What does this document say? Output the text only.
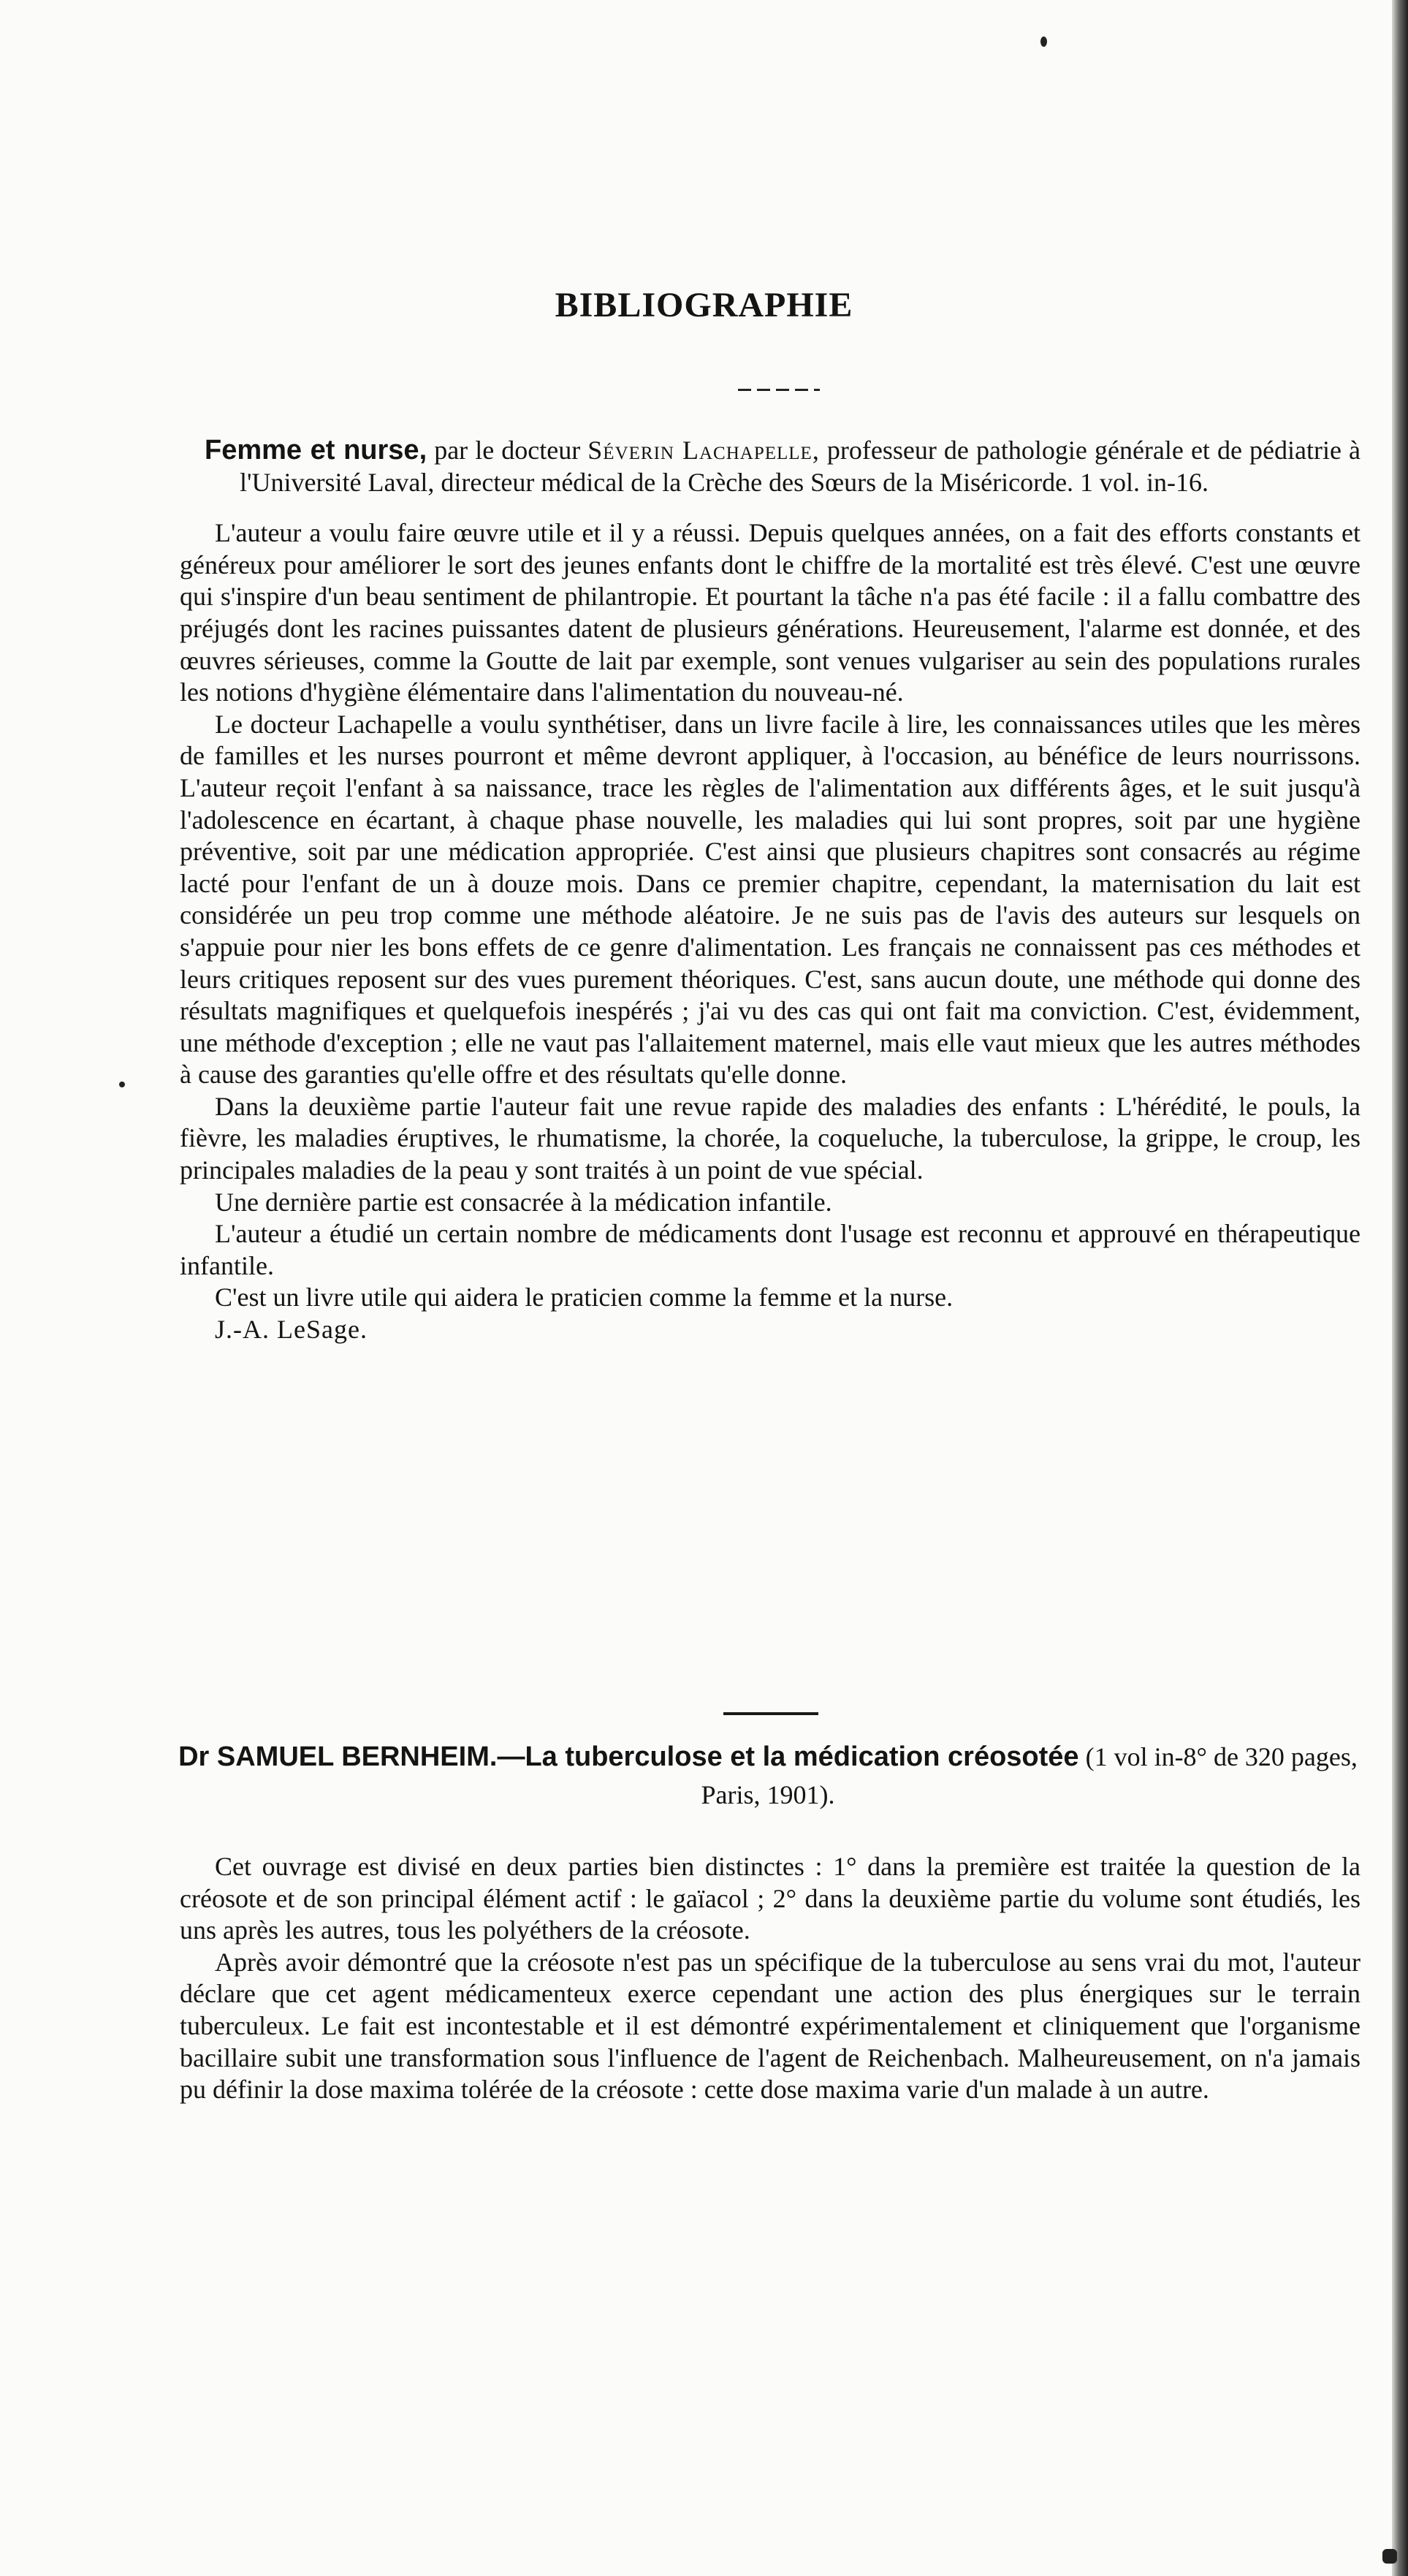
BIBLIOGRAPHIE

Femme et nurse, par le docteur Séverin Lachapelle, professeur de pathologie générale et de pédiatrie à l'Université Laval, directeur médical de la Crèche des Sœurs de la Miséricorde. 1 vol. in-16.

L'auteur a voulu faire œuvre utile et il y a réussi. Depuis quelques années, on a fait des efforts constants et généreux pour améliorer le sort des jeunes enfants dont le chiffre de la mortalité est très élevé. C'est une œuvre qui s'inspire d'un beau sentiment de philantropie. Et pourtant la tâche n'a pas été facile : il a fallu combattre des préjugés dont les racines puissantes datent de plusieurs générations. Heureusement, l'alarme est donnée, et des œuvres sérieuses, comme la Goutte de lait par exemple, sont venues vulgariser au sein des populations rurales les notions d'hygiène élémentaire dans l'alimentation du nouveau-né.

Le docteur Lachapelle a voulu synthétiser, dans un livre facile à lire, les connaissances utiles que les mères de familles et les nurses pourront et même devront appliquer, à l'occasion, au bénéfice de leurs nourrissons. L'auteur reçoit l'enfant à sa naissance, trace les règles de l'alimentation aux différents âges, et le suit jusqu'à l'adolescence en écartant, à chaque phase nouvelle, les maladies qui lui sont propres, soit par une hygiène préventive, soit par une médication appropriée. C'est ainsi que plusieurs chapitres sont consacrés au régime lacté pour l'enfant de un à douze mois. Dans ce premier chapitre, cependant, la maternisation du lait est considérée un peu trop comme une méthode aléatoire. Je ne suis pas de l'avis des auteurs sur lesquels on s'appuie pour nier les bons effets de ce genre d'alimentation. Les français ne connaissent pas ces méthodes et leurs critiques reposent sur des vues purement théoriques. C'est, sans aucun doute, une méthode qui donne des résultats magnifiques et quelquefois inespérés ; j'ai vu des cas qui ont fait ma conviction. C'est, évidemment, une méthode d'exception ; elle ne vaut pas l'allaitement maternel, mais elle vaut mieux que les autres méthodes à cause des garanties qu'elle offre et des résultats qu'elle donne.

Dans la deuxième partie l'auteur fait une revue rapide des maladies des enfants : L'hérédité, le pouls, la fièvre, les maladies éruptives, le rhumatisme, la chorée, la coqueluche, la tuberculose, la grippe, le croup, les principales maladies de la peau y sont traités à un point de vue spécial.

Une dernière partie est consacrée à la médication infantile.

L'auteur a étudié un certain nombre de médicaments dont l'usage est reconnu et approuvé en thérapeutique infantile.

C'est un livre utile qui aidera le praticien comme la femme et la nurse.

J.-A. LeSage.

Dr SAMUEL BERNHEIM.—La tuberculose et la médication créosotée (1 vol in-8° de 320 pages, Paris, 1901).

Cet ouvrage est divisé en deux parties bien distinctes : 1° dans la première est traitée la question de la créosote et de son principal élément actif : le gaïacol ; 2° dans la deuxième partie du volume sont étudiés, les uns après les autres, tous les polyéthers de la créosote.

Après avoir démontré que la créosote n'est pas un spécifique de la tuberculose au sens vrai du mot, l'auteur déclare que cet agent médicamenteux exerce cependant une action des plus énergiques sur le terrain tuberculeux. Le fait est incontestable et il est démontré expérimentalement et cliniquement que l'organisme bacillaire subit une transformation sous l'influence de l'agent de Reichenbach. Malheureusement, on n'a jamais pu définir la dose maxima tolérée de la créosote : cette dose maxima varie d'un malade à un autre.
